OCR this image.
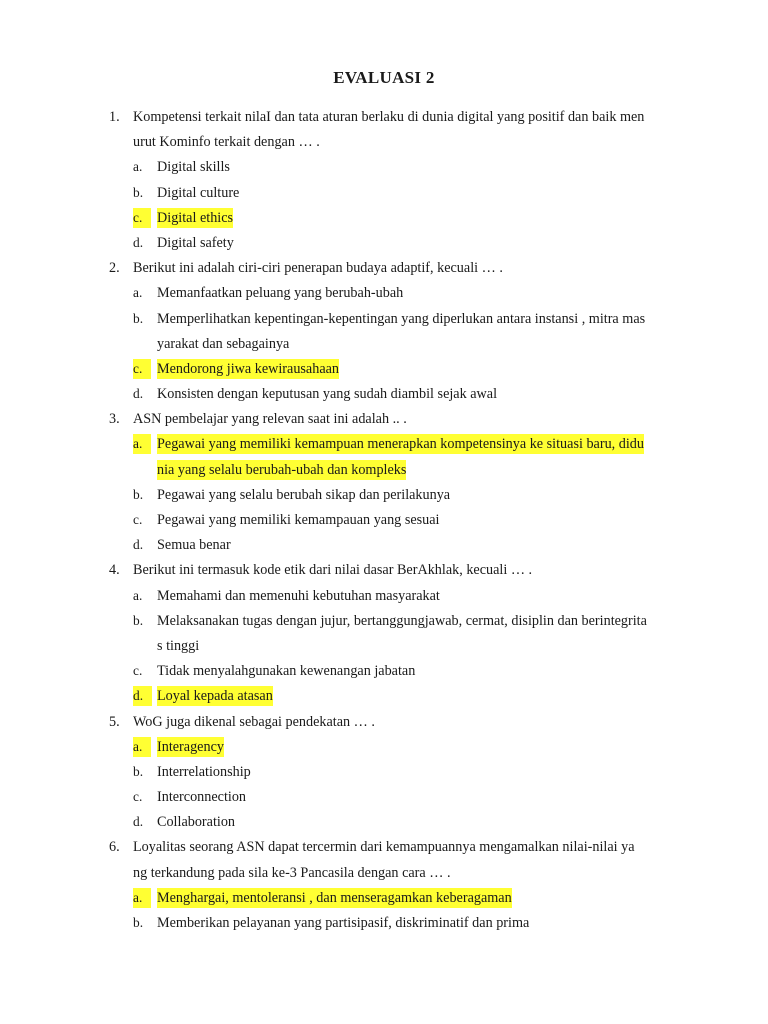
EVALUASI 2
1. Kompetensi terkait nilaI dan tata aturan berlaku di dunia digital yang positif dan baik men
urut Kominfo terkait dengan … .
a. Digital skills
b. Digital culture
c.	Digital ethics
d. Digital safety
2. Berikut ini adalah ciri-ciri penerapan budaya adaptif, kecuali … .
a. Memanfaatkan peluang yang berubah-ubah
b. Memperlihatkan kepentingan-kepentingan yang diperlukan antara instansi , mitra mas
yarakat dan sebagainya
c.	Mendorong jiwa kewirausahaan
d. Konsisten dengan keputusan yang sudah diambil sejak awal
3. ASN pembelajar yang relevan saat ini adalah .. .
a.	Pegawai yang memiliki kemampuan menerapkan kompetensinya ke situasi baru, didu
nia yang selalu berubah-ubah dan kompleks
b. Pegawai yang selalu berubah sikap dan perilakunya
c. Pegawai yang memiliki kemampauan yang sesuai
d. Semua benar
4. Berikut ini termasuk kode etik dari nilai dasar BerAkhlak, kecuali … .
a. Memahami dan memenuhi kebutuhan masyarakat
b. Melaksanakan tugas dengan jujur, bertanggungjawab, cermat, disiplin dan berintegrita
s tinggi
c. Tidak menyalahgunakan kewenangan jabatan
d. Loyal kepada atasan
5. WoG juga dikenal sebagai pendekatan … .
a.	Interagency
b. Interrelationship
c. Interconnection
d. Collaboration
6. Loyalitas seorang ASN dapat tercermin dari kemampuannya mengamalkan nilai-nilai ya
ng terkandung pada sila ke-3 Pancasila dengan cara … .
a.	Menghargai, mentoleransi , dan menseragamkan keberagaman
b. Memberikan pelayanan yang partisipasif, diskriminatif dan prima
